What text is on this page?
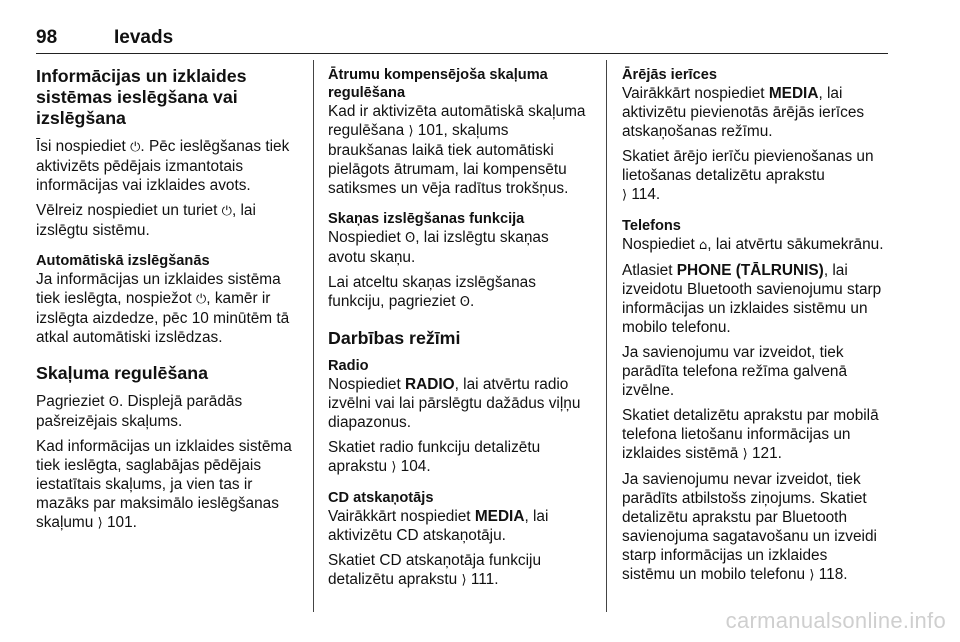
98	Ievads
Informācijas un izklaides sistēmas ieslēgšana vai izslēgšana

Īsi nospiediet ⏻. Pēc ieslēgšanas tiek aktivizēts pēdējais izmantotais informācijas vai izklaides avots.

Vēlreiz nospiediet un turiet ⏻, lai izslēgtu sistēmu.

Automātiskā izslēgšanās

Ja informācijas un izklaides sistēma tiek ieslēgta, nospiežot ⏻, kamēr ir izslēgta aizdedze, pēc 10 minūtēm tā atkal automātiski izslēdzas.

Skaļuma regulēšana

Pagrieziet ʘ. Displejā parādās pašreizējais skaļums.

Kad informācijas un izklaides sistēma tiek ieslēgta, saglabājas pēdējais iestatītais skaļums, ja vien tas ir mazāks par maksimālo ieslēgšanas skaļumu ⟩ 101.

Ātrumu kompensējoša skaļuma regulēšana

Kad ir aktivizēta automātiskā skaļuma regulēšana ⟩ 101, skaļums braukšanas laikā tiek automātiski pielāgots ātrumam, lai kompensētu satiksmes un vēja radītus trokšņus.

Skaņas izslēgšanas funkcija

Nospiediet ʘ, lai izslēgtu skaņas avotu skaņu.

Lai atceltu skaņas izslēgšanas funkciju, pagrieziet ʘ.

Darbības režīmi
Radio

Nospiediet RADIO, lai atvērtu radio izvēlni vai lai pārslēgtu dažādus viļņu diapazonus.

Skatiet radio funkciju detalizētu aprakstu ⟩ 104.

CD atskaņotājs

Vairākkārt nospiediet MEDIA, lai aktivizētu CD atskaņotāju.

Skatiet CD atskaņotāja funkciju detalizētu aprakstu ⟩ 111.

Ārējās ierīces

Vairākkārt nospiediet MEDIA, lai aktivizētu pievienotās ārējās ierīces atskaņošanas režīmu.

Skatiet ārējo ierīču pievienošanas un lietošanas detalizētu aprakstu
⟩ 114.

Telefons

Nospiediet ⌂, lai atvērtu sākumekrānu.

Atlasiet PHONE (TĀLRUNIS), lai izveidotu Bluetooth savienojumu starp informācijas un izklaides sistēmu un mobilo telefonu.

Ja savienojumu var izveidot, tiek parādīta telefona režīma galvenā izvēlne.

Skatiet detalizētu aprakstu par mobilā telefona lietošanu informācijas un izklaides sistēmā ⟩ 121.

Ja savienojumu nevar izveidot, tiek parādīts atbilstošs ziņojums. Skatiet detalizētu aprakstu par Bluetooth savienojuma sagatavošanu un izveidi starp informācijas un izklaides sistēmu un mobilo telefonu ⟩ 118.

carmanualsonline.info
